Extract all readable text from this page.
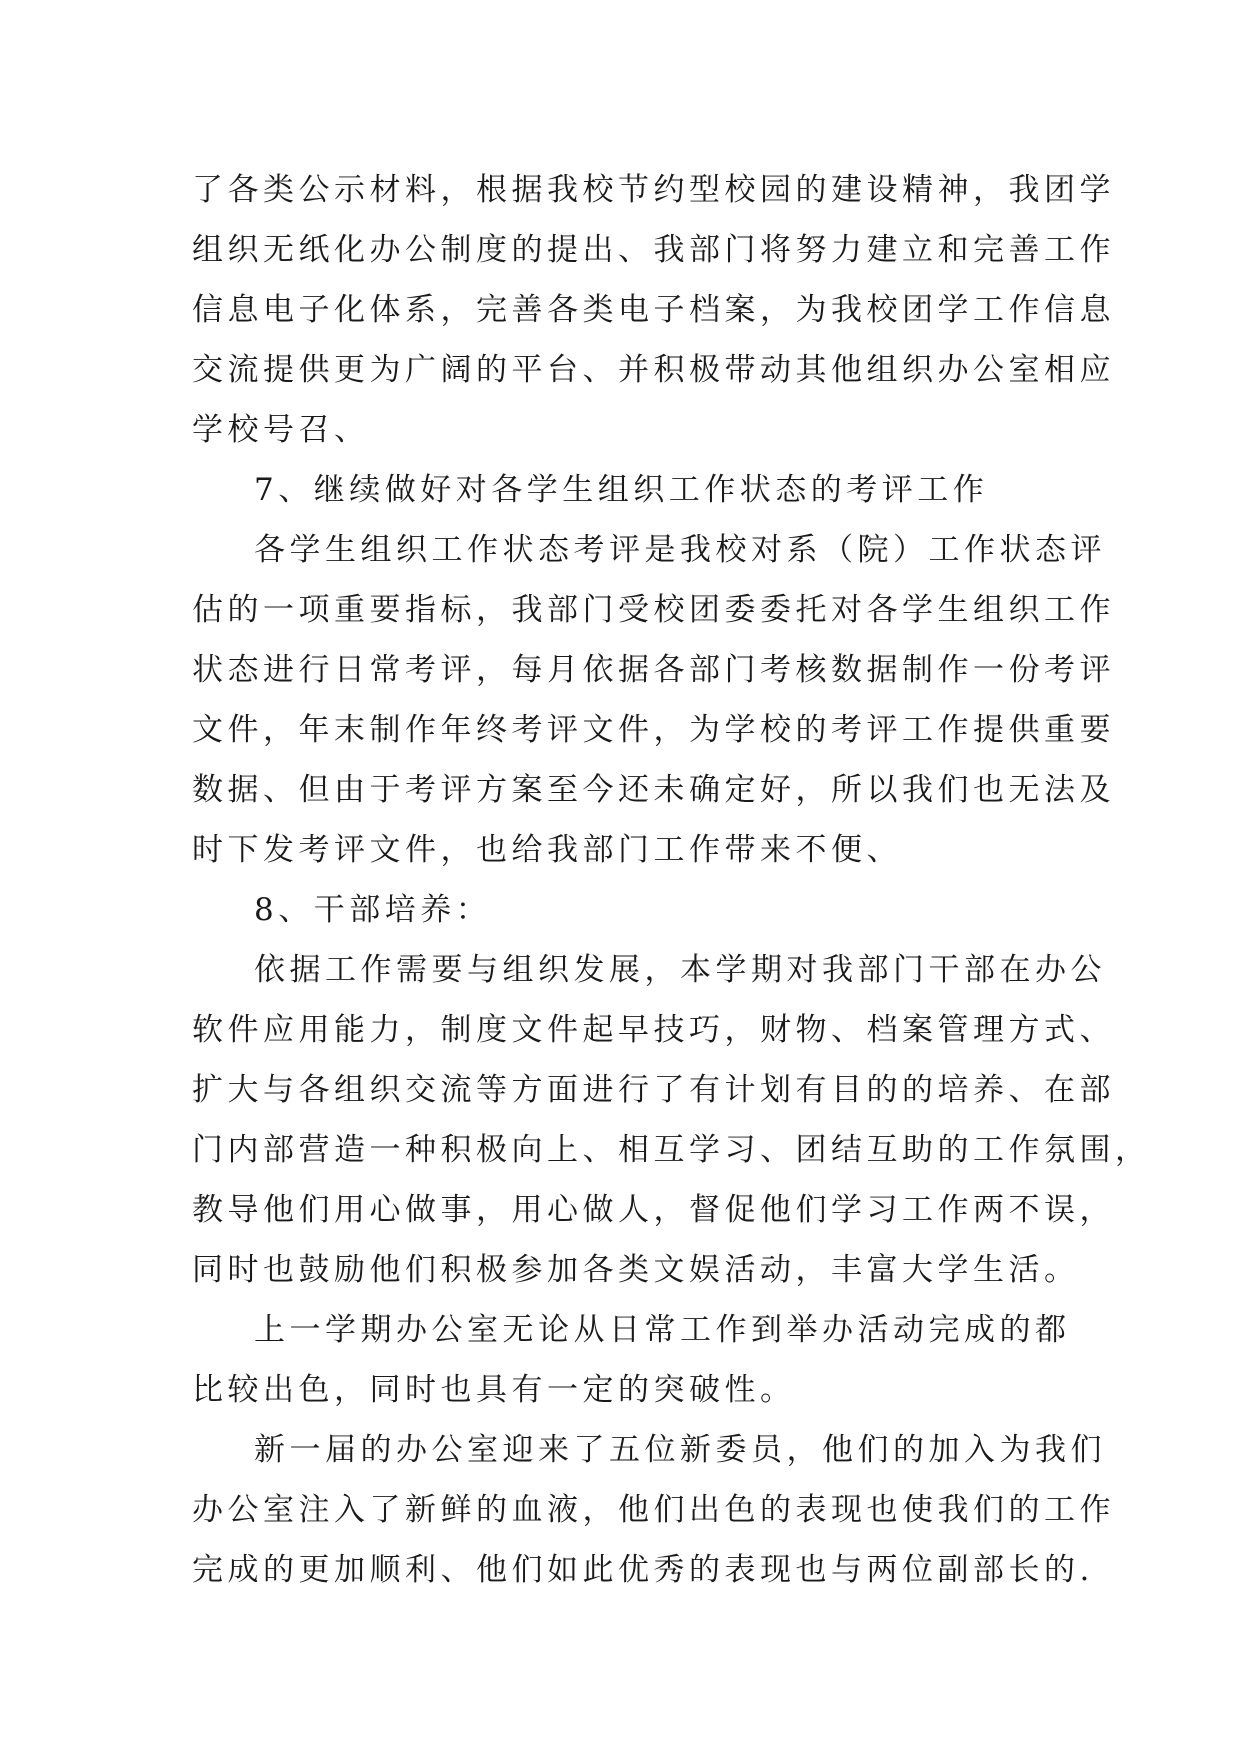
了各类公示材料，根据我校节约型校园的建设精神，我团学
组织无纸化办公制度的提出、我部门将努力建立和完善工作
信息电子化体系，完善各类电子档案，为我校团学工作信息
交流提供更为广阔的平台、并积极带动其他组织办公室相应
学校号召、
7、继续做好对各学生组织工作状态的考评工作
各学生组织工作状态考评是我校对系（院）工作状态评
估的一项重要指标，我部门受校团委委托对各学生组织工作
状态进行日常考评，每月依据各部门考核数据制作一份考评
文件，年末制作年终考评文件，为学校的考评工作提供重要
数据、但由于考评方案至今还未确定好，所以我们也无法及
时下发考评文件，也给我部门工作带来不便、
8、干部培养：
依据工作需要与组织发展，本学期对我部门干部在办公
软件应用能力，制度文件起早技巧，财物、档案管理方式、
扩大与各组织交流等方面进行了有计划有目的的培养、在部
门内部营造一种积极向上、相互学习、团结互助的工作氛围，
教导他们用心做事，用心做人，督促他们学习工作两不误，
同时也鼓励他们积极参加各类文娱活动，丰富大学生活。
上一学期办公室无论从日常工作到举办活动完成的都
比较出色，同时也具有一定的突破性。
新一届的办公室迎来了五位新委员，他们的加入为我们
办公室注入了新鲜的血液，他们出色的表现也使我们的工作
完成的更加顺利、他们如此优秀的表现也与两位副部长的.
